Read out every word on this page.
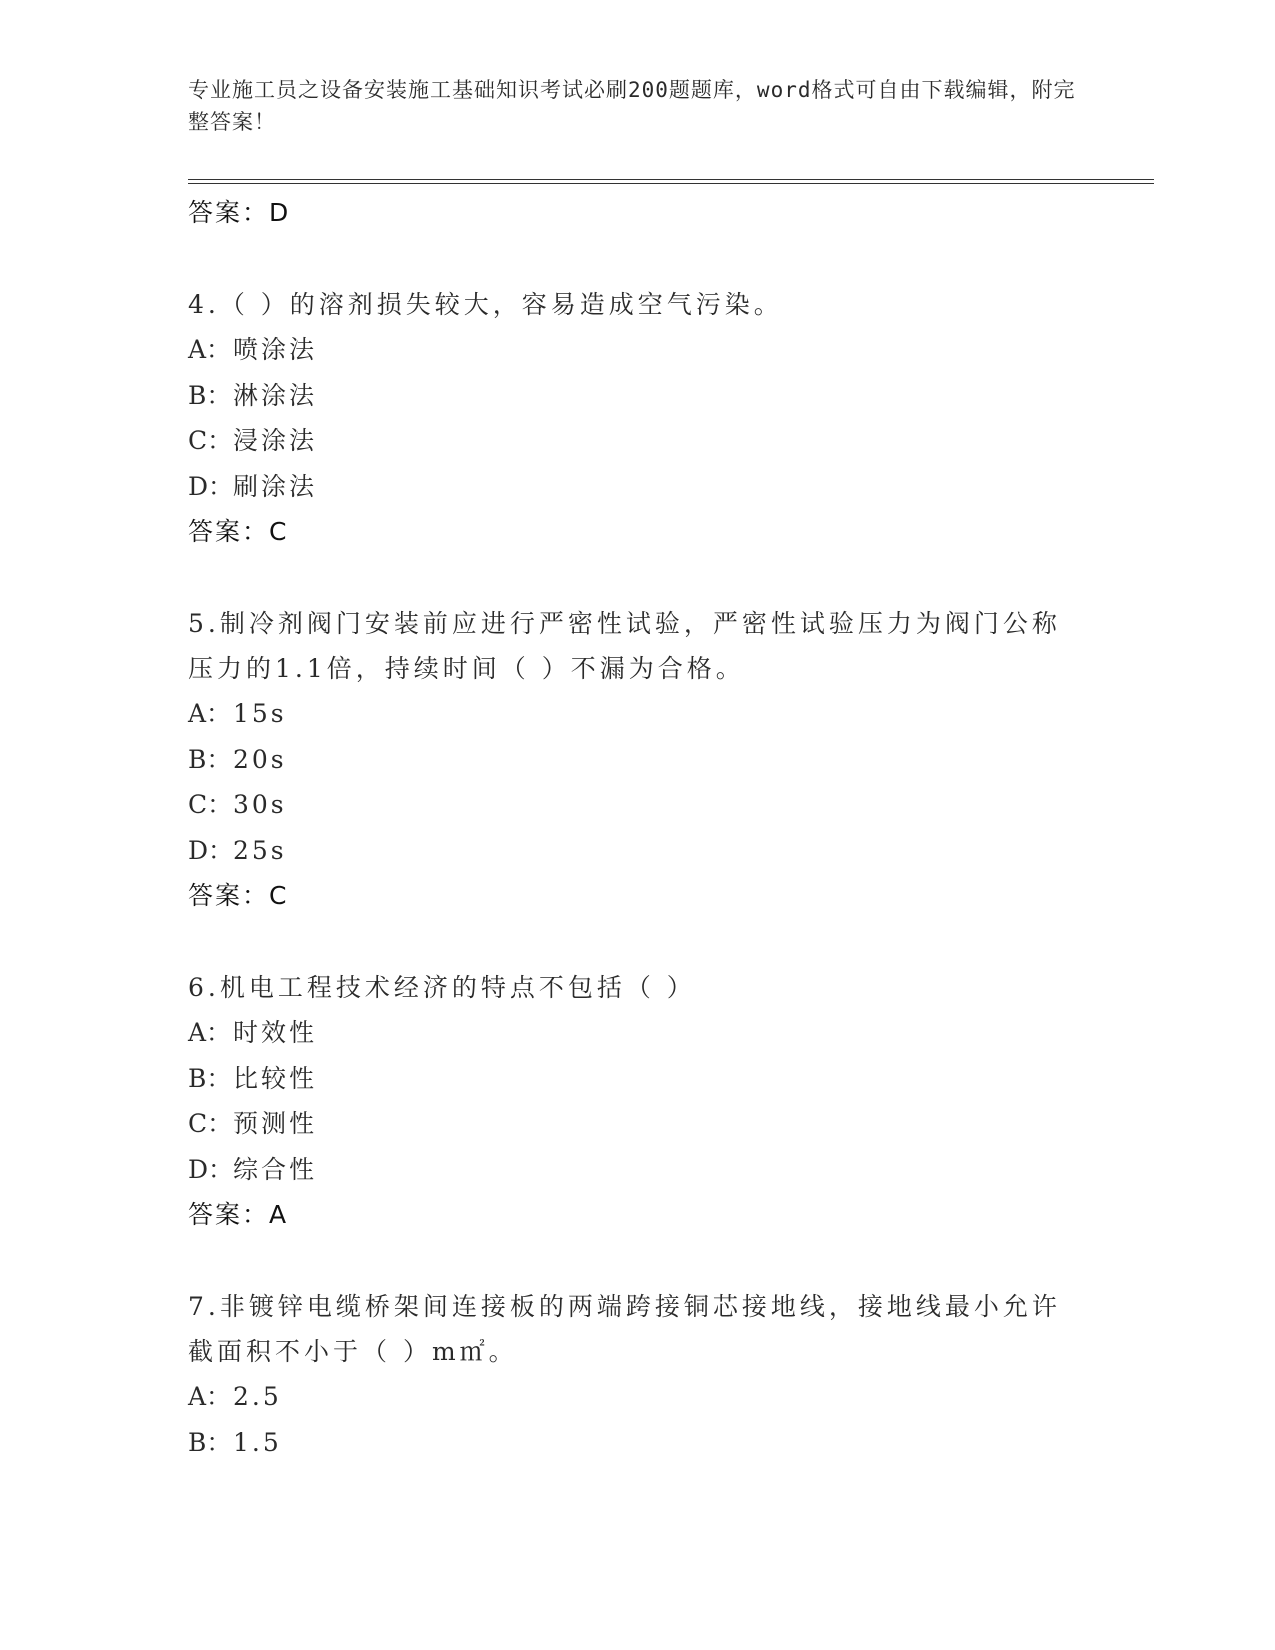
专业施工员之设备安装施工基础知识考试必刷200题题库，word格式可自由下载编辑，附完整答案！
答案：D

4.（ ）的溶剂损失较大，容易造成空气污染。

A：喷涂法
B：淋涂法
C：浸涂法
D：刷涂法
答案：C

5.制冷剂阀门安装前应进行严密性试验，严密性试验压力为阀门公称压力的1.1倍，持续时间（ ）不漏为合格。

A：15s
B：20s
C：30s
D：25s
答案：C

6.机电工程技术经济的特点不包括（ ）

A：时效性
B：比较性
C：预测性
D：综合性
答案：A

7.非镀锌电缆桥架间连接板的两端跨接铜芯接地线，接地线最小允许截面积不小于（ ）m㎡。

A：2.5
B：1.5
